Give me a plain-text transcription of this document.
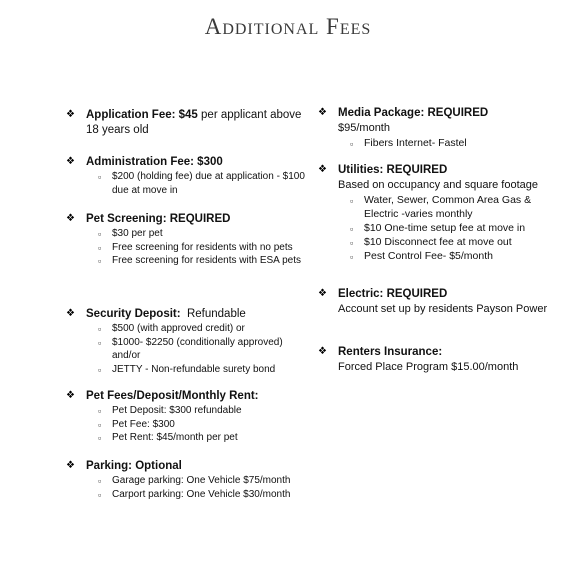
Additional Fees
❖ Application Fee: $45 per applicant above 18 years old
❖ Administration Fee: $300
▫ $200 (holding fee) due at application - $100 due at move in
❖ Pet Screening: REQUIRED
▫ $30 per pet
▫ Free screening for residents with no pets
▫ Free screening for residents with ESA pets
❖ Security Deposit:  Refundable
▫ $500 (with approved credit) or
▫ $1000- $2250 (conditionally approved) and/or
▫ JETTY - Non-refundable surety bond
❖ Pet Fees/Deposit/Monthly Rent:
▫ Pet Deposit: $300 refundable
▫ Pet Fee: $300
▫ Pet Rent: $45/month per pet
❖ Parking: Optional
▫ Garage parking: One Vehicle $75/month
▫ Carport parking: One Vehicle $30/month
❖ Media Package: REQUIRED
$95/month
▫ Fibers Internet- Fastel
❖ Utilities: REQUIRED
Based on occupancy and square footage
▫ Water, Sewer, Common Area Gas & Electric -varies monthly
▫ $10 One-time setup fee at move in
▫ $10 Disconnect fee at move out
▫ Pest Control Fee- $5/month
❖ Electric: REQUIRED
Account set up by residents Payson Power
❖ Renters Insurance:
Forced Place Program $15.00/month
